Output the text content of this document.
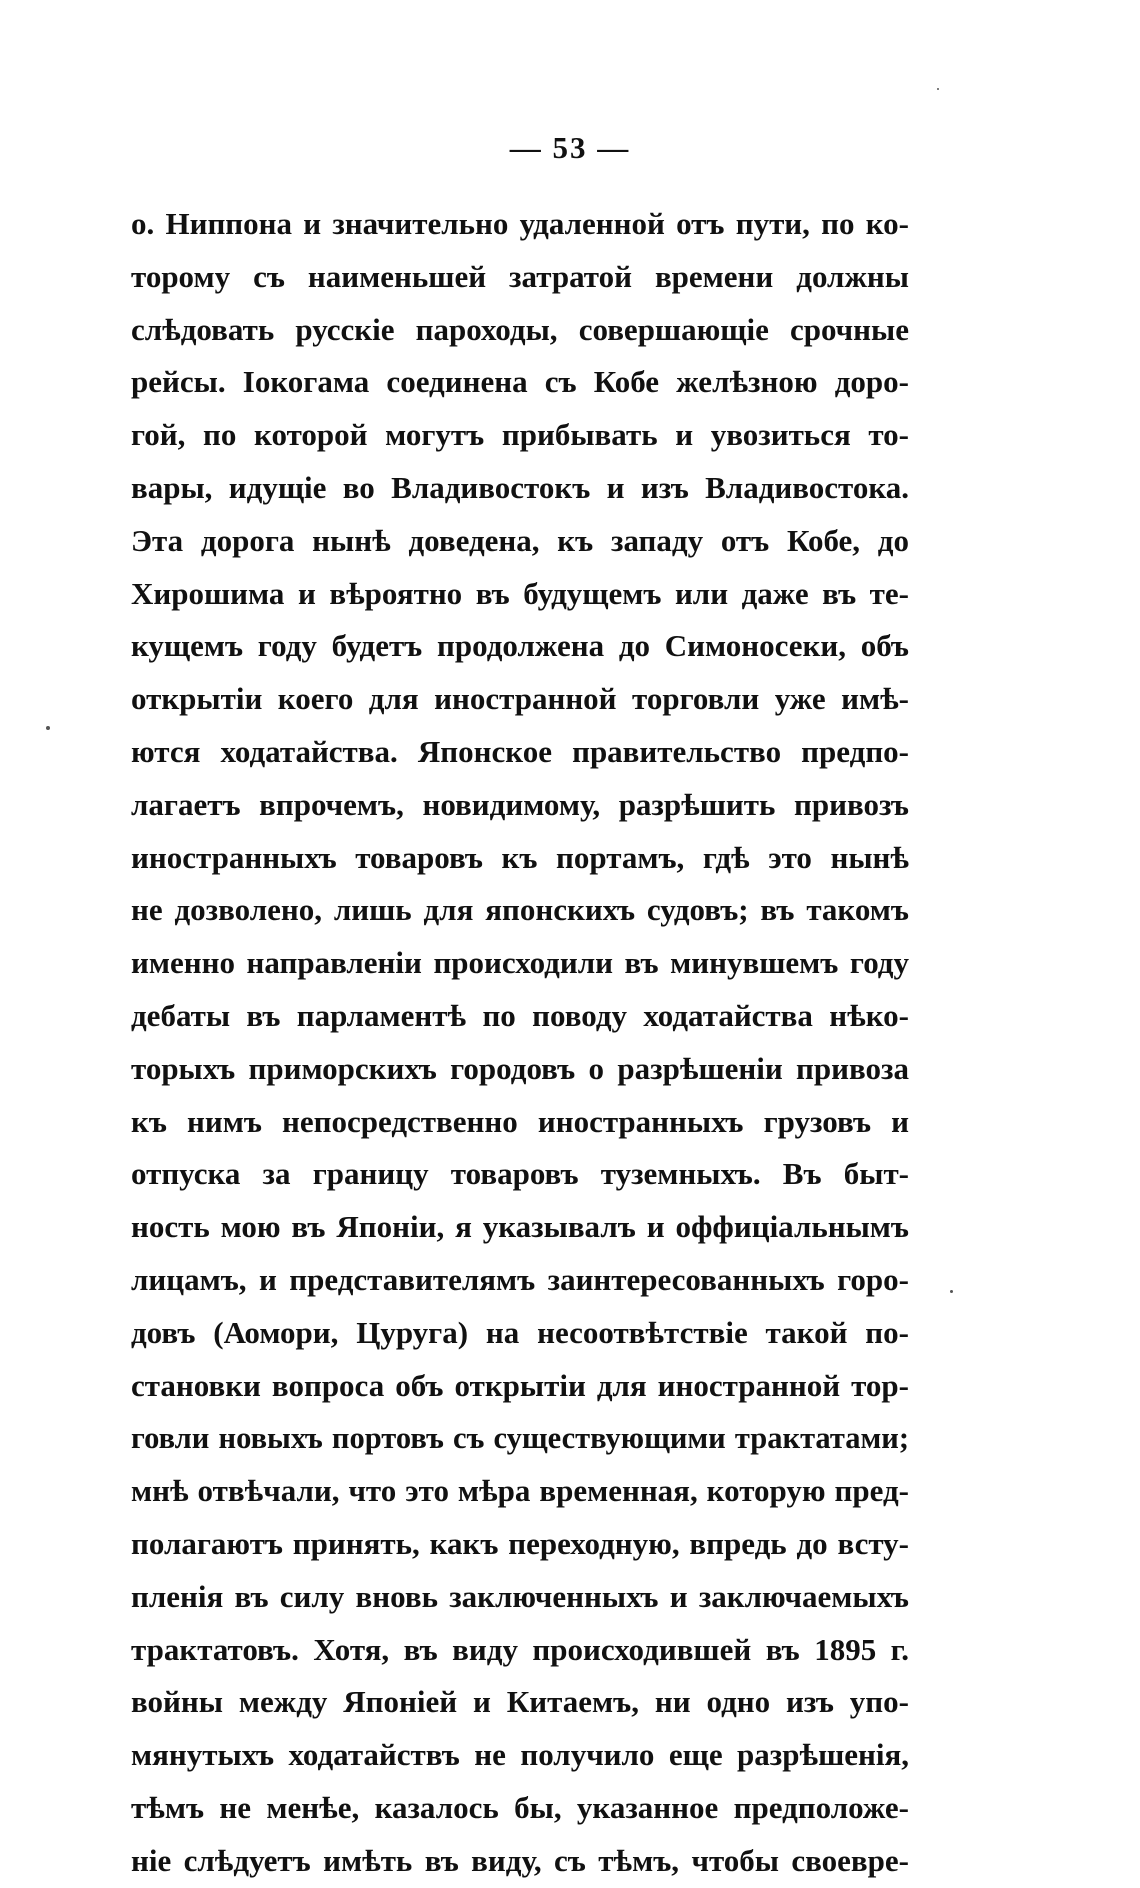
— 53 —
о. Ниппона и значительно удаленной отъ пути, по ко-
торому съ наименьшей затратой времени должны
слѣдовать русскіе пароходы, совершающіе срочные
рейсы. Іокогама соединена съ Кобе желѣзною доро-
гой, по которой могутъ прибывать и увозиться то-
вары, идущіе во Владивостокъ и изъ Владивостока.
Эта дорога нынѣ доведена, къ западу отъ Кобе, до
Хирошима и вѣроятно въ будущемъ или даже въ те-
кущемъ году будетъ продолжена до Симоносеки, объ
открытіи коего для иностранной торговли уже имѣ-
ются ходатайства. Японское правительство предпо-
лагаетъ впрочемъ, новидимому, разрѣшить привозъ
иностранныхъ товаровъ къ портамъ, гдѣ это нынѣ
не дозволено, лишь для японскихъ судовъ; въ такомъ
именно направленіи происходили въ минувшемъ году
дебаты въ парламентѣ по поводу ходатайства нѣко-
торыхъ приморскихъ городовъ о разрѣшеніи привоза
къ нимъ непосредственно иностранныхъ грузовъ и
отпуска за границу товаровъ туземныхъ. Въ быт-
ность мою въ Японіи, я указывалъ и оффиціальнымъ
лицамъ, и представителямъ заинтересованныхъ горо-
довъ (Аомори, Цуруга) на несоотвѣтствіе такой по-
становки вопроса объ открытіи для иностранной тор-
говли новыхъ портовъ съ существующими трактатами;
мнѣ отвѣчали, что это мѣра временная, которую пред-
полагаютъ принять, какъ переходную, впредь до всту-
пленія въ силу вновь заключенныхъ и заключаемыхъ
трактатовъ. Хотя, въ виду происходившей въ 1895 г.
войны между Японіей и Китаемъ, ни одно изъ упо-
мянутыхъ ходатайствъ не получило еще разрѣшенія,
тѣмъ не менѣе, казалось бы, указанное предположе-
ніе слѣдуетъ имѣть въ виду, съ тѣмъ, чтобы своевре-
